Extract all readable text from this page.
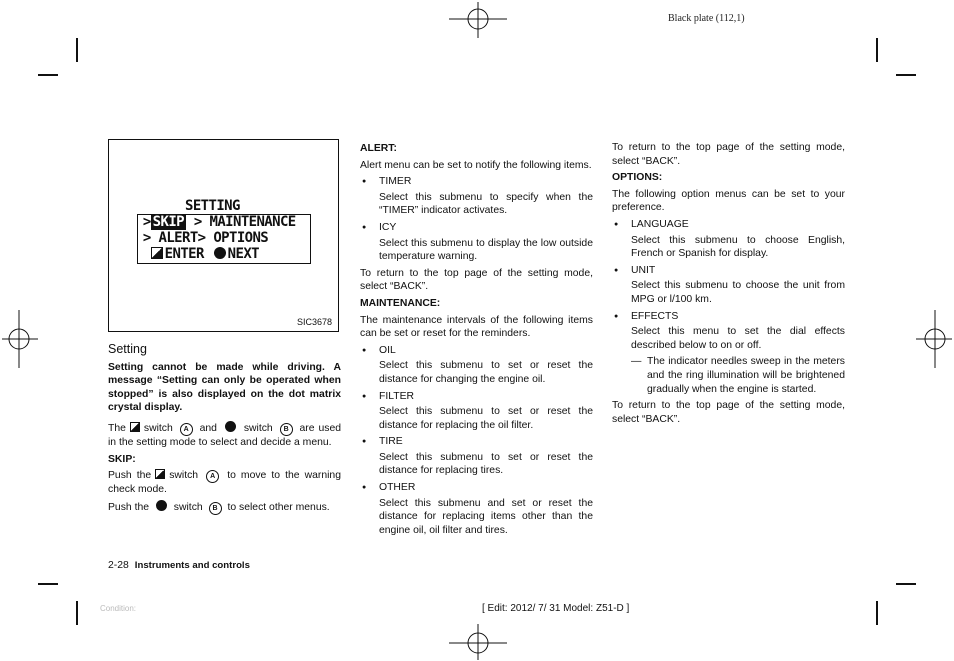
Black plate (112,1)
SETTING
> SKIP > MAINTENANCE
> ALERT> OPTIONS
ENTER NEXT
SIC3678

Setting

Setting cannot be made while driving. A message “Setting can only be operated when stopped” is also displayed on the dot matrix crystal display.

The switch A and	switch B are used in the setting mode to select and decide a menu.

SKIP:

Push the switch A to move to the warning check mode.

Push the switch B to select other menus.

ALERT:

Alert menu can be set to notify the following items.

● TIMER

Select this submenu to specify when the “TIMER” indicator activates.

● ICY

Select this submenu to display the low outside temperature warning.

To return to the top page of the setting mode, select “BACK”.

MAINTENANCE:

The maintenance intervals of the following items can be set or reset for the reminders.

● OIL

Select this submenu to set or reset the distance for changing the engine oil.

● FILTER

Select this submenu to set or reset the distance for replacing the oil filter.

● TIRE

Select this submenu to set or reset the distance for replacing tires.

● OTHER

Select this submenu and set or reset the distance for replacing items other than the engine oil, oil filter and tires.

To return to the top page of the setting mode, select “BACK”.

OPTIONS:

The following option menus can be set to your preference.

● LANGUAGE

Select this submenu to choose English, French or Spanish for display.

● UNIT

Select this submenu to choose the unit from MPG or l/100 km.

● EFFECTS

Select this menu to set the dial effects described below to on or off.

— The indicator needles sweep in the meters and the ring illumination will be brightened gradually when the engine is started.

To return to the top page of the setting mode, select “BACK”.

2-28 Instruments and controls
Condition:	[ Edit: 2012/ 7/ 31 Model: Z51-D ]
